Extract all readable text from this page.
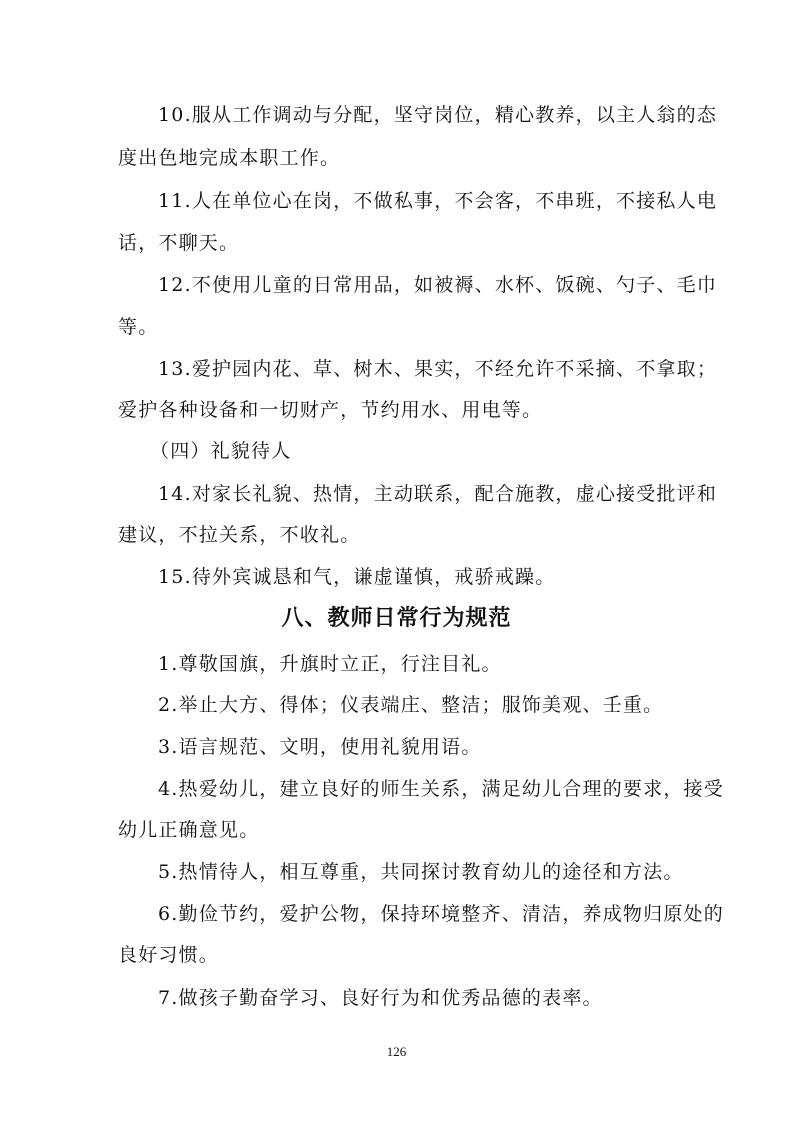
10.服从工作调动与分配，坚守岗位，精心教养，以主人翁的态
度出色地完成本职工作。
11.人在单位心在岗，不做私事，不会客，不串班，不接私人电
话，不聊天。
12.不使用儿童的日常用品，如被褥、水杯、饭碗、勺子、毛巾
等。
13.爱护园内花、草、树木、果实，不经允许不采摘、不拿取；
爱护各种设备和一切财产，节约用水、用电等。
（四）礼貌待人
14.对家长礼貌、热情，主动联系，配合施教，虚心接受批评和
建议，不拉关系，不收礼。
15.待外宾诚恳和气，谦虚谨慎，戒骄戒躁。
八、教师日常行为规范
1.尊敬国旗，升旗时立正，行注目礼。
2.举止大方、得体；仪表端庄、整洁；服饰美观、壬重。
3.语言规范、文明，使用礼貌用语。
4.热爱幼儿，建立良好的师生关系，满足幼儿合理的要求，接受
幼儿正确意见。
5.热情待人，相互尊重，共同探讨教育幼儿的途径和方法。
6.勤俭节约，爱护公物，保持环境整齐、清洁，养成物归原处的
良好习惯。
7.做孩子勤奋学习、良好行为和优秀品德的表率。
126
